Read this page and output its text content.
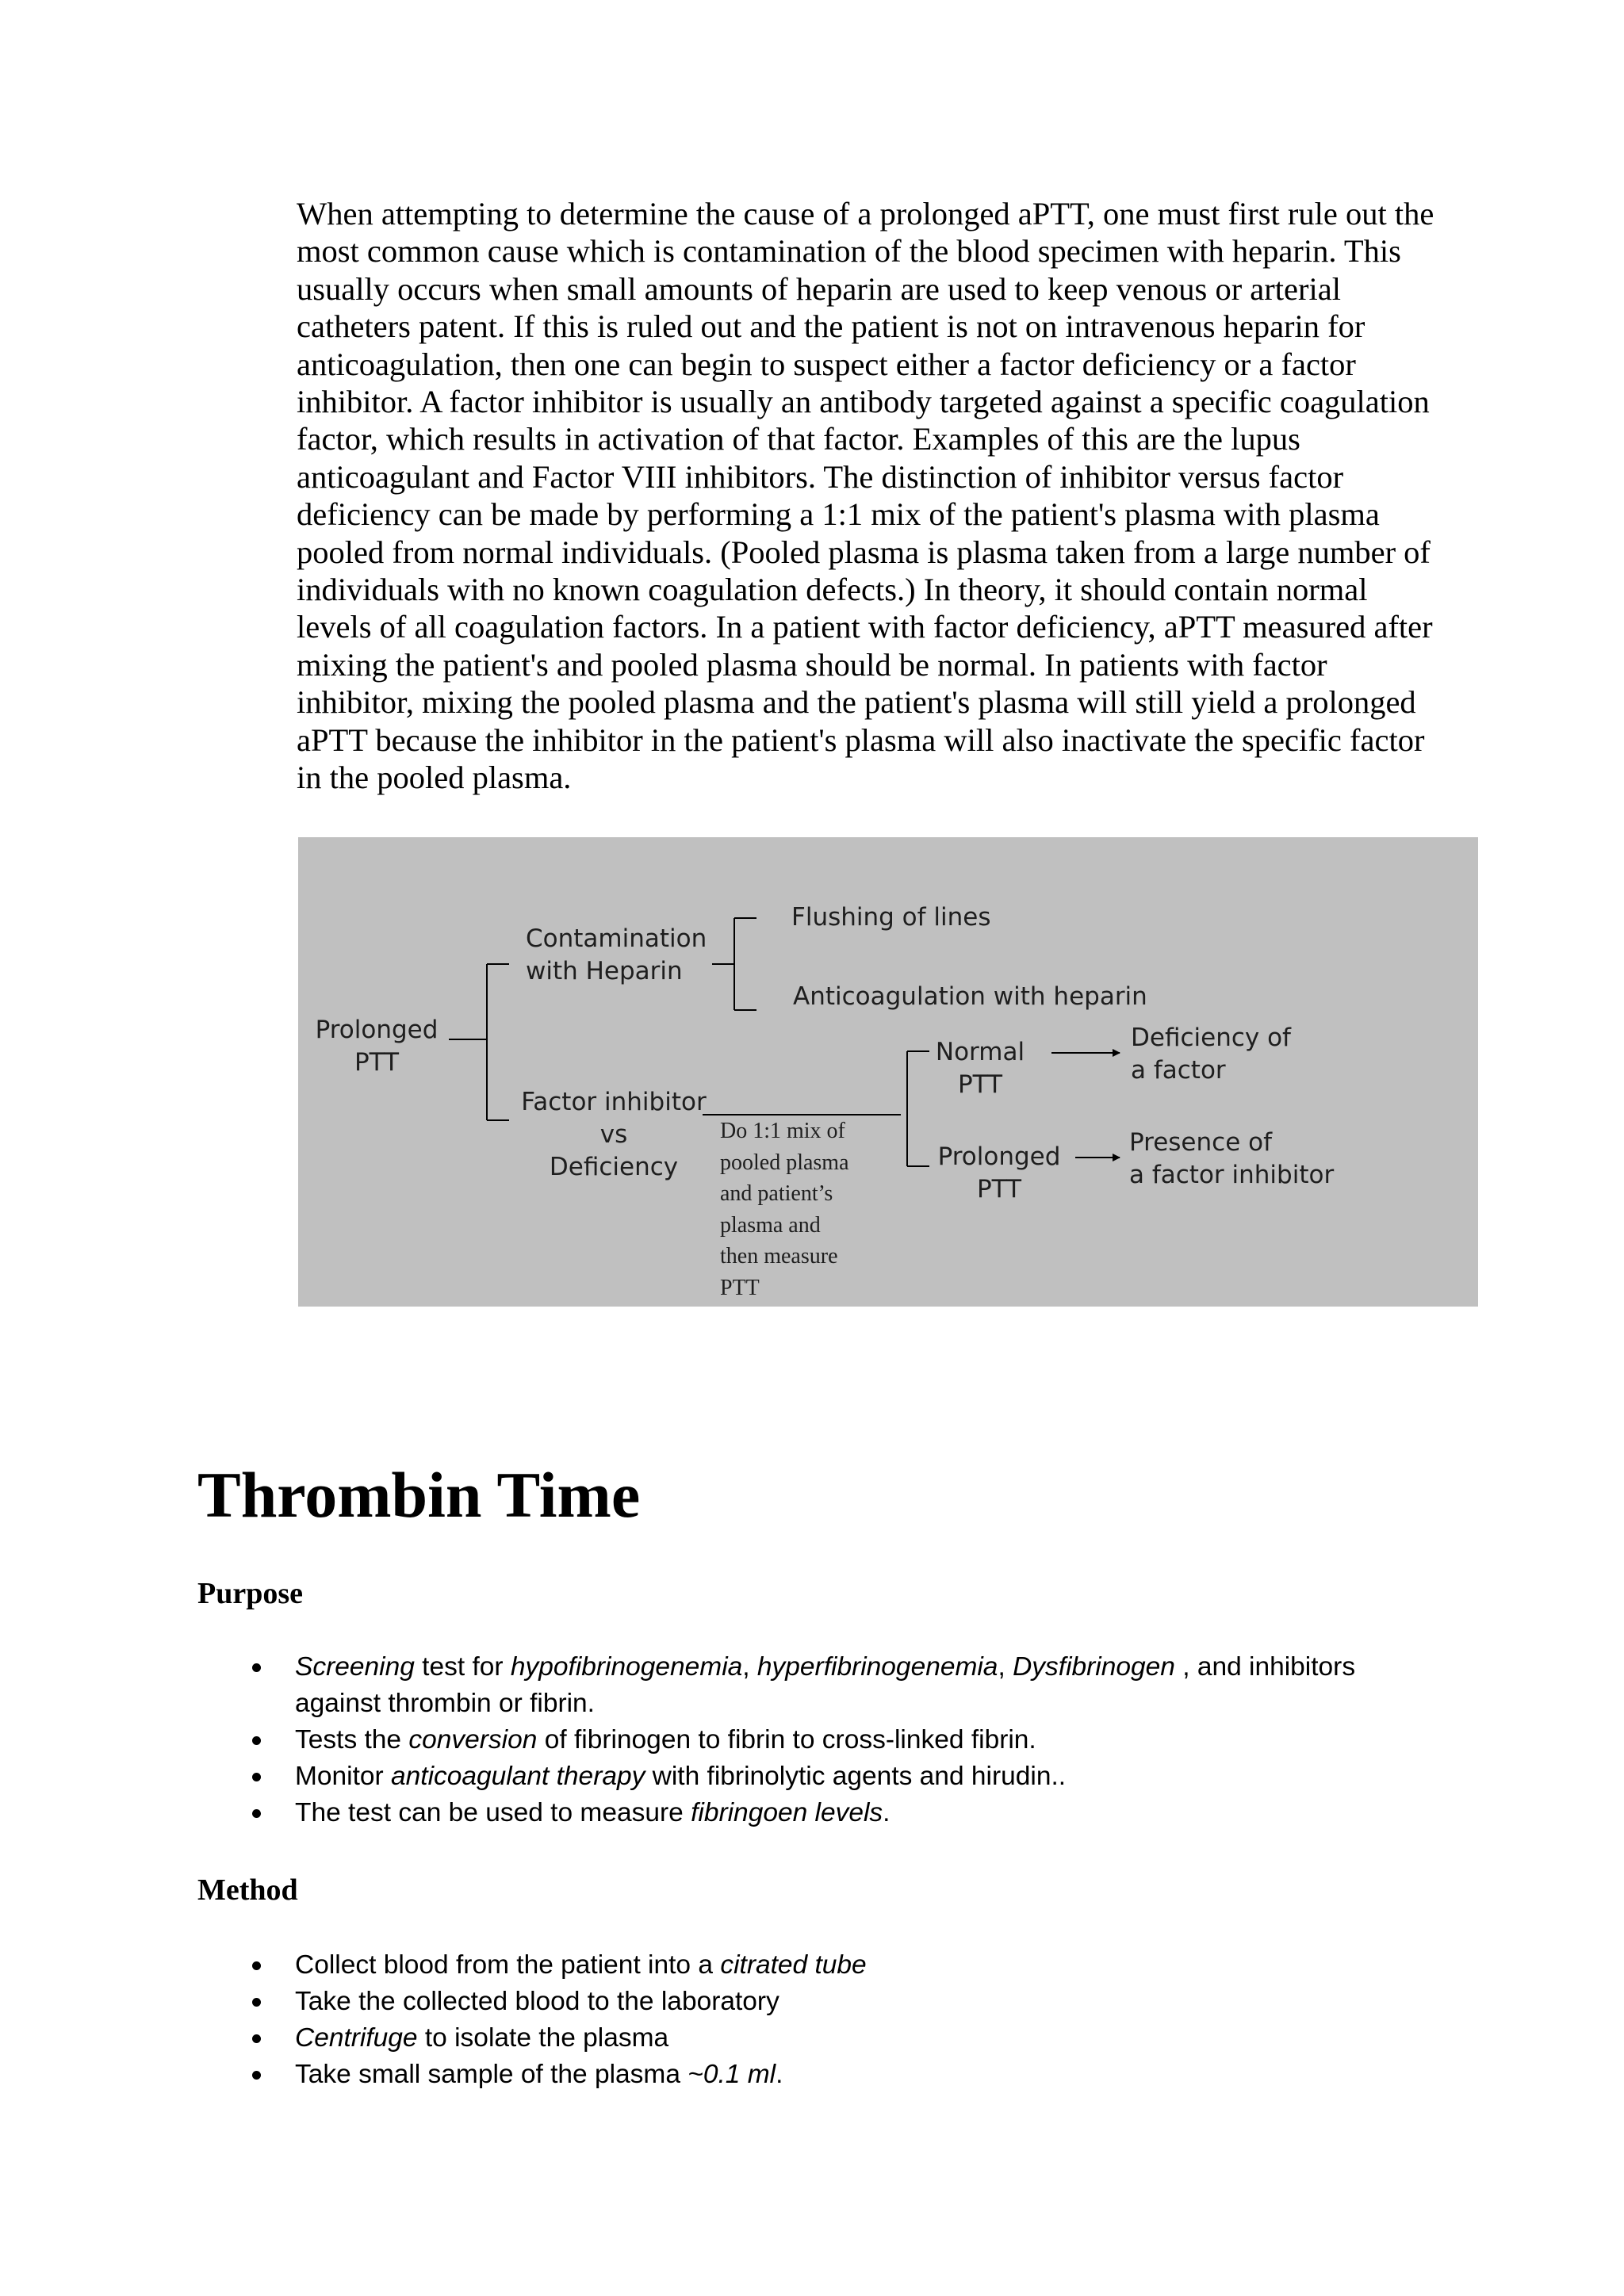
When attempting to determine the cause of a prolonged aPTT, one must first rule out the most common cause which is contamination of the blood specimen with heparin. This usually occurs when small amounts of heparin are used to keep venous or arterial catheters patent. If this is ruled out and the patient is not on intravenous heparin for anticoagulation, then one can begin to suspect either a factor deficiency or a factor inhibitor. A factor inhibitor is usually an antibody targeted against a specific coagulation factor, which results in activation of that factor. Examples of this are the lupus anticoagulant and Factor VIII inhibitors. The distinction of inhibitor versus factor deficiency can be made by performing a 1:1 mix of the patient's plasma with plasma pooled from normal individuals. (Pooled plasma is plasma taken from a large number of individuals with no known coagulation defects.) In theory, it should contain normal levels of all coagulation factors. In a patient with factor deficiency, aPTT measured after mixing the patient's and pooled plasma should be normal. In patients with factor inhibitor, mixing the pooled plasma and the patient's plasma will still yield a prolonged aPTT because the inhibitor in the patient's plasma will also inactivate the specific factor in the pooled plasma.

Prolonged
PTT
Contamination
with Heparin
Flushing of lines
Anticoagulation with heparin
Factor inhibitor
vs
Deficiency
Do 1:1 mix of
pooled plasma
and patient’s
plasma and
then measure
PTT
Normal
PTT
Prolonged
PTT
Deficiency of
a factor
Presence of
a factor inhibitor
Thrombin Time
Purpose
Screening test for hypofibrinogenemia, hyperfibrinogenemia, Dysfibrinogen , and inhibitors against thrombin or fibrin.
Tests the conversion of fibrinogen to fibrin to cross-linked fibrin.
Monitor anticoagulant therapy with fibrinolytic agents and hirudin..
The test can be used to measure fibringoen levels.
Method
Collect blood from the patient into a citrated tube
Take the collected blood to the laboratory
Centrifuge to isolate the plasma
Take small sample of the plasma ~0.1 ml.
